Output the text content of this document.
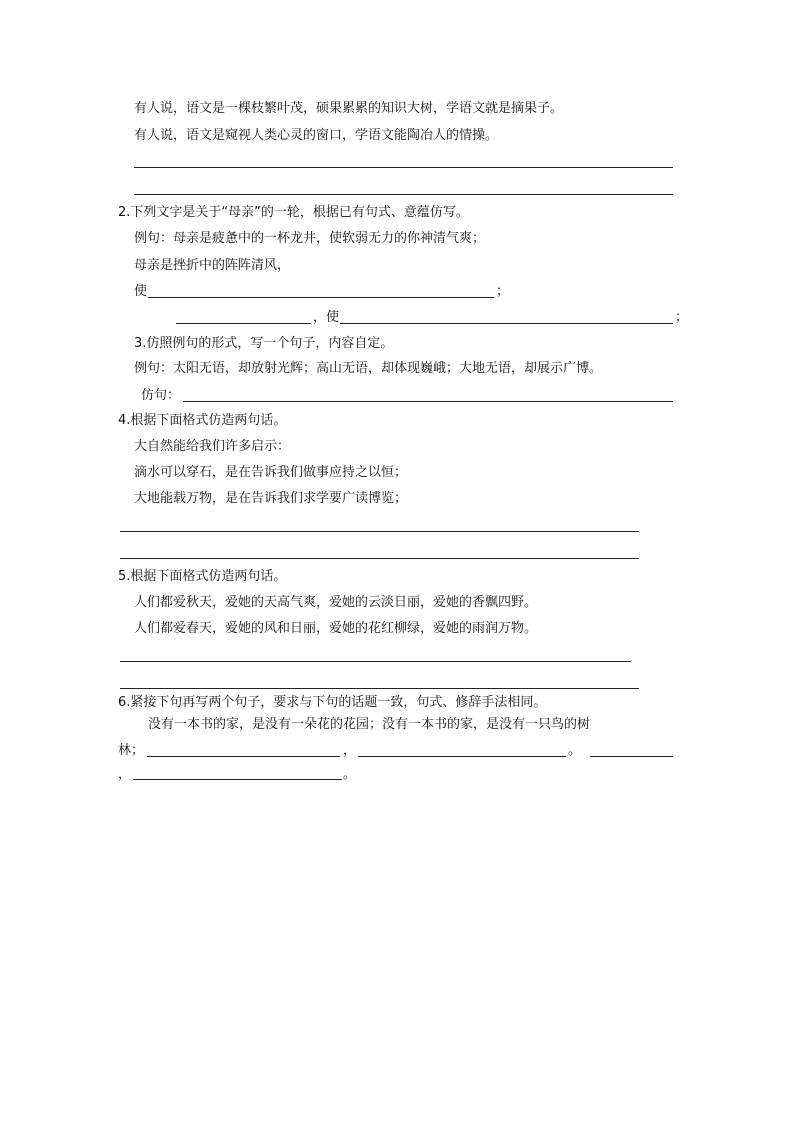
有人说，语文是一棵枝繁叶茂，硕果累累的知识大树，学语文就是摘果子。
有人说，语文是窥视人类心灵的窗口，学语文能陶冶人的情操。
2.下列文字是关于“母亲”的一轮，根据已有句式、意蕴仿写。
例句：母亲是疲惫中的一杯龙井，使软弱无力的你神清气爽；
母亲是挫折中的阵阵清风，
使	；
，使	；
3.仿照例句的形式，写一个句子，内容自定。
例句：太阳无语，却放射光辉；高山无语，却体现巍峨；大地无语，却展示广博。
仿句：
4.根据下面格式仿造两句话。
大自然能给我们许多启示：
滴水可以穿石，是在告诉我们做事应持之以恒；
大地能载万物，是在告诉我们求学要广读博览；
5.根据下面格式仿造两句话。
人们都爱秋天，爱她的天高气爽，爱她的云淡日丽，爱她的香飘四野。
人们都爱春天，爱她的风和日丽，爱她的花红柳绿，爱她的雨润万物。
6.紧接下句再写两个句子，要求与下句的话题一致，句式、修辞手法相同。
没有一本书的家，是没有一朵花的花园；没有一本书的家，是没有一只鸟的树
林；	，	。
，	。
